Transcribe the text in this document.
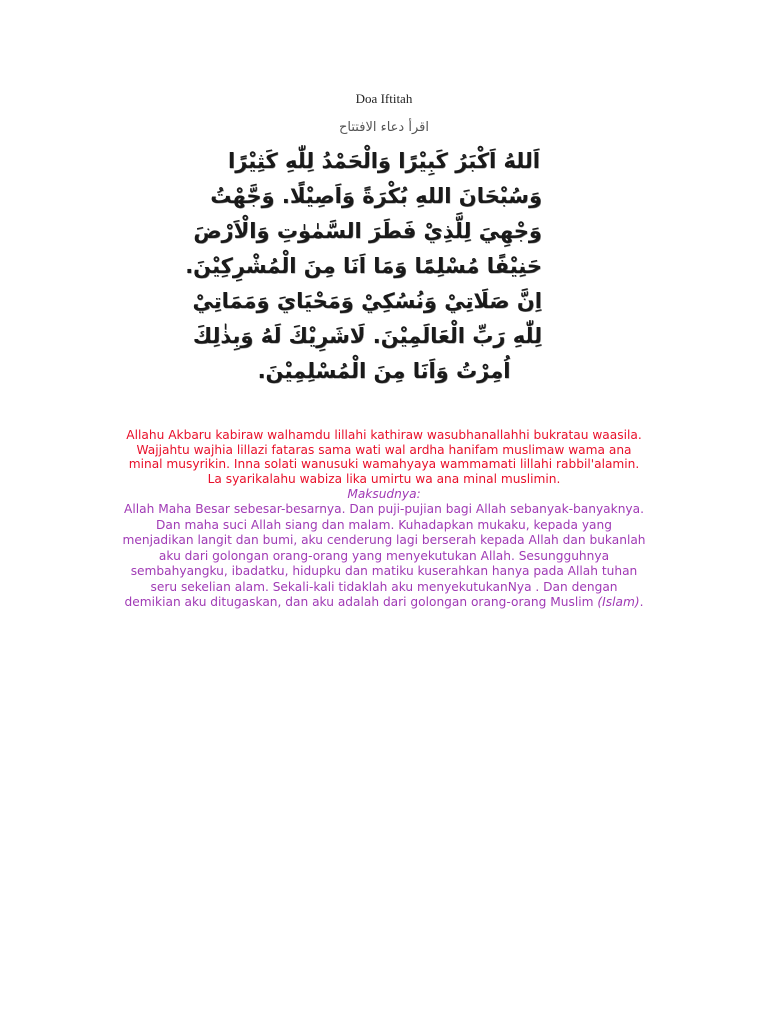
Doa Iftitah
اقرأ دعاء الافتتاح
اَللهُ اَكْبَرُ كَبِيْرًا وَالْحَمْدُ لِلّٰهِ كَثِيْرًا
وَسُبْحَانَ اللهِ بُكْرَةً وَاَصِيْلًا. وَجَّهْتُ
وَجْهِيَ لِلَّذِيْ فَطَرَ السَّمٰوٰتِ وَالْاَرْضَ
حَنِيْفًا مُسْلِمًا وَمَا اَنَا مِنَ الْمُشْرِكِيْنَ.
اِنَّ صَلَاتِيْ وَنُسُكِيْ وَمَحْيَايَ وَمَمَاتِيْ
لِلّٰهِ رَبِّ الْعَالَمِيْنَ. لَاشَرِيْكَ لَهُ وَبِذٰلِكَ
اُمِرْتُ وَاَنَا مِنَ الْمُسْلِمِيْنَ.
Allahu Akbaru kabiraw walhamdu lillahi kathiraw wasubhanallahhi bukratau waasila.
Wajjahtu wajhia lillazi fataras sama wati wal ardha hanifam muslimaw wama ana
minal musyrikin. Inna solati wanusuki wamahyaya wammamati lillahi rabbil'alamin.
La syarikalahu wabiza lika umirtu wa ana minal muslimin.
Maksudnya:
Allah Maha Besar sebesar-besarnya. Dan puji-pujian bagi Allah sebanyak-banyaknya.
Dan maha suci Allah siang dan malam. Kuhadapkan mukaku, kepada yang
menjadikan langit dan bumi, aku cenderung lagi berserah kepada Allah dan bukanlah
aku dari golongan orang-orang yang menyekutukan Allah. Sesungguhnya
sembahyangku, ibadatku, hidupku dan matiku kuserahkan hanya pada Allah tuhan
seru sekelian alam. Sekali-kali tidaklah aku menyekutukanNya . Dan dengan
demikian aku ditugaskan, dan aku adalah dari golongan orang-orang Muslim (Islam).
